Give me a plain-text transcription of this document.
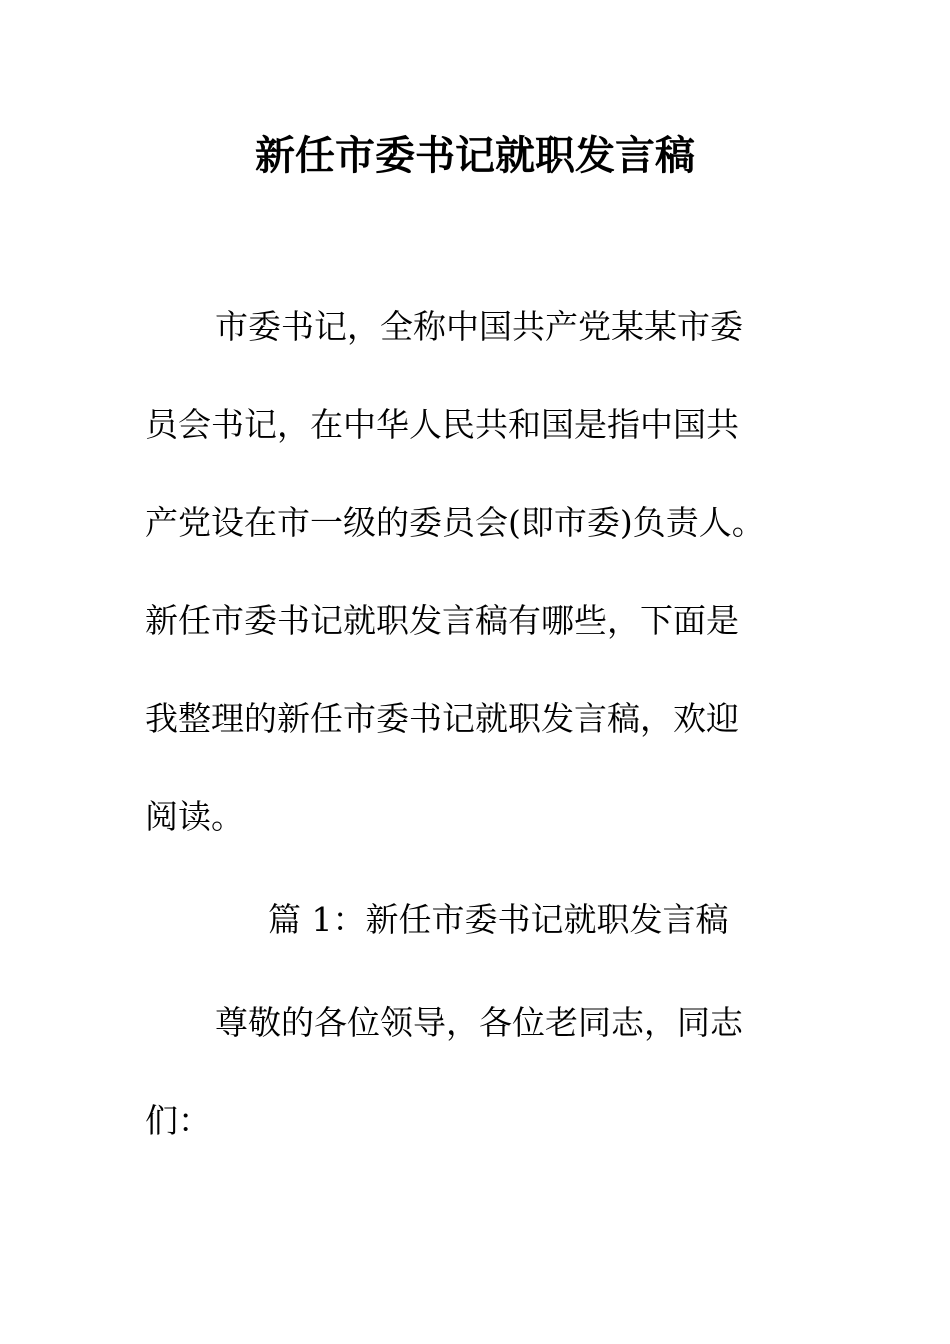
新任市委书记就职发言稿
市委书记，全称中国共产党某某市委
员会书记，在中华人民共和国是指中国共
产党设在市一级的委员会(即市委)负责人。
新任市委书记就职发言稿有哪些，下面是
我整理的新任市委书记就职发言稿，欢迎
阅读。
篇 1：新任市委书记就职发言稿
尊敬的各位领导，各位老同志，同志
们：
